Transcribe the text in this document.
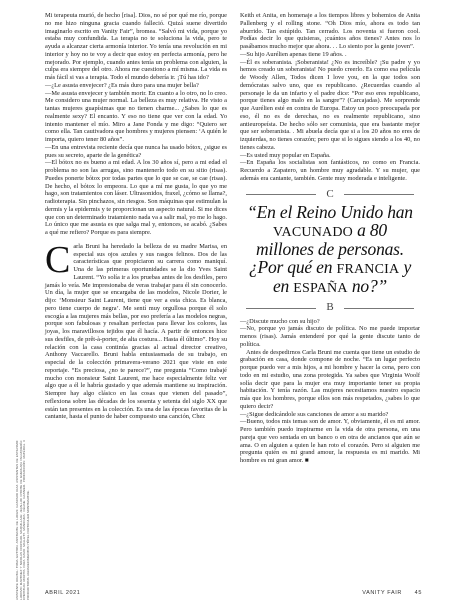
Mi terapeuta murió, de hecho [risa]. Dios, no sé por qué me río, porque no me hizo ninguna gracia cuando falleció. Quizá suene divertido imaginarlo escrito en Vanity Fair”, bromea. “Salvó mi vida, porque yo estaba muy confundida. La terapia no te soluciona la vida, pero te ayuda a alcanzar cierta armonía interior. Yo tenía una revolución en mi interior y hoy no te voy a decir que estoy en perfecta armonía, pero he mejorado. Por ejemplo, cuando antes tenía un problema con alguien, la culpa era siempre del otro. Ahora me cuestiono a mí misma. La vida es más fácil si vas a terapia. Todo el mundo debería ir. ¡Tú has ido?

—¿Le asusta envejecer? ¿Es más duro para una mujer bella?

—Me asusta envejecer y también morir. En cuanto a lo otro, no lo creo. Me considero una mujer normal. La belleza es muy relativa. He visto a tantas mujeres guapísimas que no tienen charme... ¿Sabes lo que es realmente sexy? El encanto. Y eso no tiene que ver con la edad. Yo intento mantener el mío. Miro a Jane Fonda y me digo: “Quiero ser como ella. Tan cautivadora que hombres y mujeres piensen: ‘A quién le importa, quiero tener 80 años”.

—En una entrevista reciente decía que nunca ha usado bótox, ¿sigue es pues su secreto, aparte de la genética?

—El bótox no es bueno a mi edad. A los 30 años sí, pero a mi edad el problema no son las arrugas, sino mantenerlo todo en su sitio (risas). Puedes ponerte bótox por todas partes que lo que se cae, se cae (risas). De hecho, el bótox lo empeora. Lo que a mí me gusta, lo que yo me hago, son tratamientos con láser. Ultrasonidos, fraxel, ¿cómo se llama?, radioterapia. Sin pinchazos, sin riesgos. Son máquinas que estimulan la dermis y la epidermis y te proporcionan un aspecto natural. Si me dices que con un determinado tratamiento nada va a salir mal, yo me lo hago. Lo único que me asusta es que salga mal y, entonces, se acabó. ¿Sabes a qué me refiero? Porque es para siempre.

C arla Bruni ha heredado la belleza de su madre Marisa, en especial sus ojos azules y sus rasgos felinos. Dos de las características que propiciaron su carrera como maniquí. Una de las primeras oportunidades se la dio Yves Saint Laurent. “Yo solía ir a los pruebas antes de los desfiles, pero jamás lo veía. Me impresionaba de veras trabajar para él sin conocerlo. Un día, la mujer que se encargaba de las modelos, Nicole Dorier, le dijo: ‘Monsieur Saint Laurent, tiene que ver a esta chica. Es blanca, pero tiene cuerpo de negra’. Me sentí muy orgullosa porque él solo escogía a las mujeres más bellas, por eso prefería a las modelos negras, porque son fabulosas y resaltan perfectas para llevar los colores, las joyas, los maravillosos tejidos que él hacía. A partir de entonces hice sus desfiles, de prêt-à-porter, de alta costura... Hasta él último”. Hoy su relación con la casa continúa gracias al actual director creativo, Anthony Vaccarello. Bruni habla entusiasmada de su trabajo, en especial de la colección primavera-verano 2021 que viste en este reportaje. “Es preciosa, ¿no te parece?”, me pregunta “Como trabajé mucho con monsieur Saint Laurent, me hace especialmente feliz ver algo que a él le habría gustado y que además mantiene su inspiración. Siempre hay algo clásico en las cosas que vienen del pasado”, reflexiona sobre las décadas de los sesenta y setenta del siglo XX que están tan presentes en la colección. Es una de las épocas favoritas de la cantante, hasta el punto de haber compuesto una canción, Chez

Keith et Anita, en homenaje a los tiempos libres y bohemios de Anita Pallenberg y el rolling stone. “Oh Dios mío, ahora es todo tan aburrido. Tan estúpido. Tan cerrado. Los noventa si fueron cool. Podías decir lo que quisieras, ¡cuántos años tienes? Antes nos lo pasábamos mucho mejor que ahora. . . Lo siento por la gente joven”.

—Su hijo Aurélien apenas tiene 19 años. .

—Él es soberanista. ¡Soberanista! ¿No es increíble? ¡Su padre y yo hemos creado un soberanista! No puedo creerlo. Es como esa película de Woody Allen, Todos dicen I love you, en la que todos son demócratas salvo uno, que es republicano. ¿Recuerdas cuando al personaje le da un infarto y el padre dice: “Por eso eres republicano, porque tienes algo malo en la sangre”? (Carcajadas). Me sorprende que Aurélien esté en contra de Europa. Estoy un poco preocupada por eso, él no es de derechas, no es realmente republicano, sino antieuropeísta. De hecho sólo ser comunista, que era bastante mejor que ser soberanista. . Mi abuela decía que si a los 20 años no eres de izquierdas, no tienes corazón; pero que si lo sigues siendo a los 40, no tienes cabeza.

—Es usted muy popular en España.

—En España los socialistas son fantásticos, no como en Francia. Recuerdo a Zapatero, un hombre muy agradable. Y su mujer, que además era cantante, también. Gente muy moderada e inteligente.

C
“En el Reino Unido han VACUNADO a 80 millones de personas. ¿Por qué en FRANCIA y en ESPAÑA no?”
B

—¿Discute mucho con su hijo?

—No, porque yo jamás discuto de política. No me puede importar menos (risas). Jamás entenderé por qué la gente discute tanto de política.

Antes de despedirnos Carla Bruni me cuenta que tiene un estudio de grabación en casa, donde compone de noche. “Es un lugar perfecto porque puedo ver a mis hijos, a mi hombre y hacer la cena, pero con todo en mi estudio, una zona protegida. Ya sabes que Virginia Woolf solía decir que para la mujer era muy importante tener su propia habitación. Y tenía razón. Las mujeres necesitamos nuestro espacio más que los hombres, porque ellos son más respetados, ¿sabes lo que quiero decir?

—¿Sigue dedicándole sus canciones de amor a su marido?

—Bueno, todos mis temas son de amor. Y, obviamente, él es mi amor. Pero también puedo inspirarme en la vida de otra persona, en una pareja que veo sentada en un banco o en otra de ancianos que aún se ama. O en alguien a quien le han roto el corazón. Pero si alguien me pregunta quién es mi grand amour, la respuesta es mi marido. Mi hombre es mi gran amor. ■

ASISTENTE DIGITAL: TOMA GUTTON. ASISTENTE DE LUCES: GASPARD DIAZ. ASISTENTES DE ESTILISMO: LUDOVIC MARTINEZ Y NICOLAS COUTAUD. MAQUILLAJE: JEAN-LUC CHICHE DE GUERLAIN. PELUQUERÍA: CHRISTIAN ROUTTA PARA DAVID MALLETT. MANICURA: CÉLINE GASNIER. PRODUCCIÓN: MATERIAL 6 PRODUCTIONS. AGRADECIMIENTOS: HÔTEL PARTICULIER MONTMARTRE.	ABRIL 2021	VANITY FAIR      45
